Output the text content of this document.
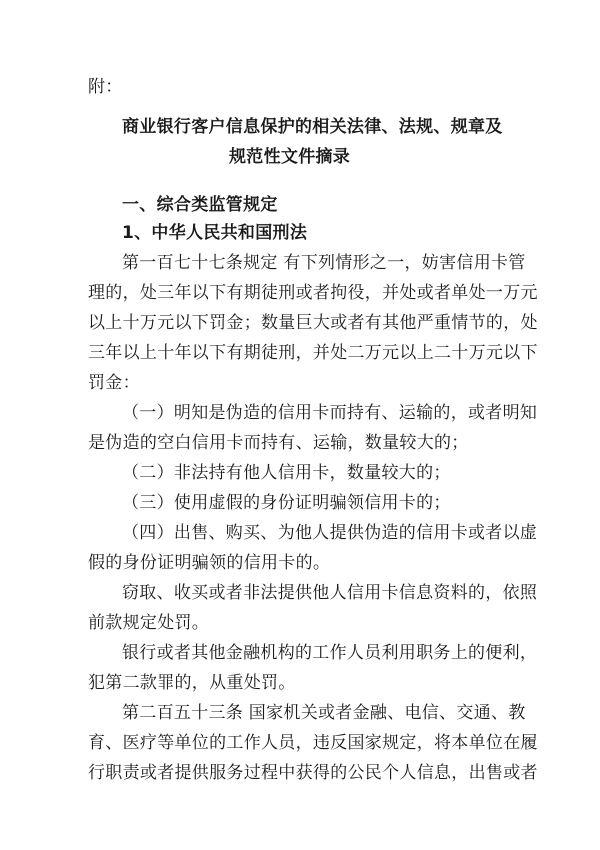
附：
商业银行客户信息保护的相关法律、法规、规章及
规范性文件摘录
一、综合类监管规定
1、中华人民共和国刑法
第一百七十七条规定 有下列情形之一，妨害信用卡管
理的，处三年以下有期徒刑或者拘役，并处或者单处一万元
以上十万元以下罚金；数量巨大或者有其他严重情节的，处
三年以上十年以下有期徒刑，并处二万元以上二十万元以下
罚金：
（一）明知是伪造的信用卡而持有、运输的，或者明知
是伪造的空白信用卡而持有、运输，数量较大的；
（二）非法持有他人信用卡，数量较大的；
（三）使用虚假的身份证明骗领信用卡的；
（四）出售、购买、为他人提供伪造的信用卡或者以虚
假的身份证明骗领的信用卡的。
窃取、收买或者非法提供他人信用卡信息资料的，依照
前款规定处罚。
银行或者其他金融机构的工作人员利用职务上的便利，
犯第二款罪的，从重处罚。
第二百五十三条 国家机关或者金融、电信、交通、教
育、医疗等单位的工作人员，违反国家规定，将本单位在履
行职责或者提供服务过程中获得的公民个人信息，出售或者
